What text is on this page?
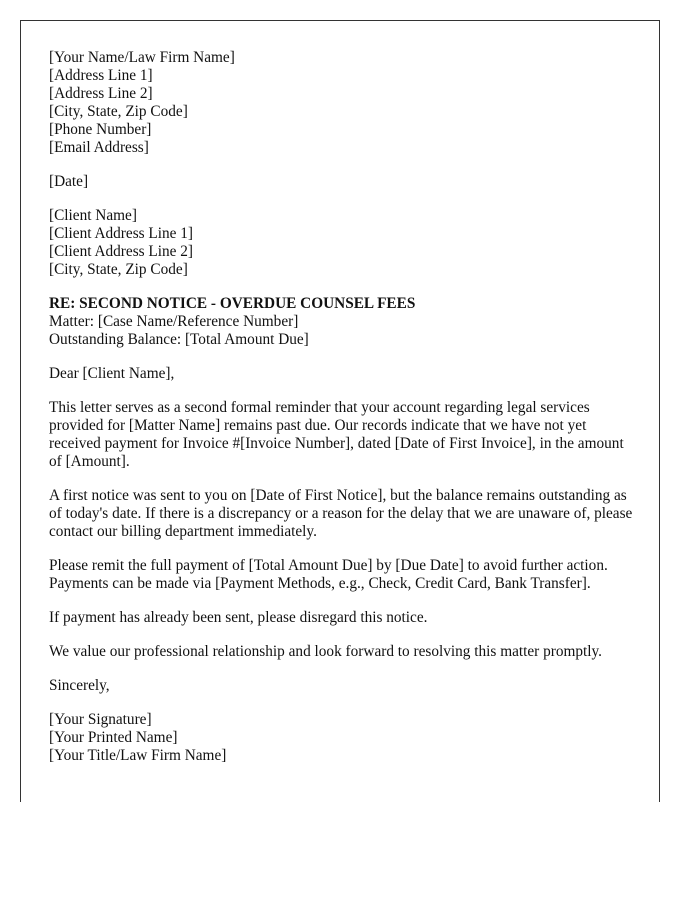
[Your Name/Law Firm Name]
[Address Line 1]
[Address Line 2]
[City, State, Zip Code]
[Phone Number]
[Email Address]
[Date]
[Client Name]
[Client Address Line 1]
[Client Address Line 2]
[City, State, Zip Code]
RE: SECOND NOTICE - OVERDUE COUNSEL FEES
Matter: [Case Name/Reference Number]
Outstanding Balance: [Total Amount Due]

Dear [Client Name],

This letter serves as a second formal reminder that your account regarding legal services provided for [Matter Name] remains past due. Our records indicate that we have not yet received payment for Invoice #[Invoice Number], dated [Date of First Invoice], in the amount of [Amount].

A first notice was sent to you on [Date of First Notice], but the balance remains outstanding as of today's date. If there is a discrepancy or a reason for the delay that we are unaware of, please contact our billing department immediately.

Please remit the full payment of [Total Amount Due] by [Due Date] to avoid further action. Payments can be made via [Payment Methods, e.g., Check, Credit Card, Bank Transfer].

If payment has already been sent, please disregard this notice.

We value our professional relationship and look forward to resolving this matter promptly.

Sincerely,

[Your Signature]
[Your Printed Name]
[Your Title/Law Firm Name]
